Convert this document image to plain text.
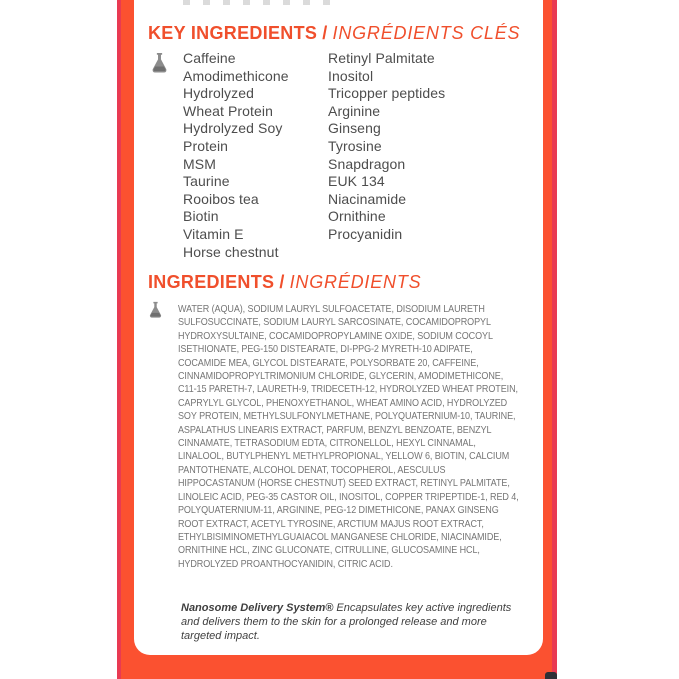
KEY INGREDIENTS / INGRÉDIENTS CLÉS
Caffeine
Amodimethicone
Hydrolyzed Wheat Protein
Hydrolyzed Soy Protein
MSM
Taurine
Rooibos tea
Biotin
Vitamin E
Horse chestnut
Retinyl Palmitate
Inositol
Tricopper peptides
Arginine
Ginseng
Tyrosine
Snapdragon
EUK 134
Niacinamide
Ornithine
Procyanidin
INGREDIENTS / INGRÉDIENTS
WATER (AQUA), SODIUM LAURYL SULFOACETATE, DISODIUM LAURETH SULFOSUCCINATE, SODIUM LAURYL SARCOSINATE, COCAMIDOPROPYL HYDROXYSULTAINE, COCAMIDOPROPYLAMINE OXIDE, SODIUM COCOYL ISETHIONATE, PEG-150 DISTEARATE, DI-PPG-2 MYRETH-10 ADIPATE, COCAMIDE MEA, GLYCOL DISTEARATE, POLYSORBATE 20, CAFFEINE, CINNAMIDOPROPYLTRIMONIUM CHLORIDE, GLYCERIN, AMODIMETHICONE, C11-15 PARETH-7, LAURETH-9, TRIDECETH-12, HYDROLYZED WHEAT PROTEIN, CAPRYLYL GLYCOL, PHENOXYETHANOL, WHEAT AMINO ACID, HYDROLYZED SOY PROTEIN, METHYLSULFONYLMETHANE, POLYQUATERNIUM-10, TAURINE, ASPALATHUS LINEARIS EXTRACT, PARFUM, BENZYL BENZOATE, BENZYL CINNAMATE, TETRASODIUM EDTA, CITRONELLOL, HEXYL CINNAMAL, LINALOOL, BUTYLPHENYL METHYLPROPIONAL, YELLOW 6, BIOTIN, CALCIUM PANTOTHENATE, ALCOHOL DENAT, TOCOPHEROL, AESCULUS HIPPOCASTANUM (HORSE CHESTNUT) SEED EXTRACT, RETINYL PALMITATE, LINOLEIC ACID, PEG-35 CASTOR OIL, INOSITOL, COPPER TRIPEPTIDE-1, RED 4, POLYQUATERNIUM-11, ARGININE, PEG-12 DIMETHICONE, PANAX GINSENG ROOT EXTRACT, ACETYL TYROSINE, ARCTIUM MAJUS ROOT EXTRACT, ETHYLBISIMINOMETHYLGUAIACOL MANGANESE CHLORIDE, NIACINAMIDE, ORNITHINE HCL, ZINC GLUCONATE, CITRULLINE, GLUCOSAMINE HCL, HYDROLYZED PROANTHOCYANIDIN, CITRIC ACID.
Nanosome Delivery System® Encapsulates key active ingredients and delivers them to the skin for a prolonged release and more targeted impact.
